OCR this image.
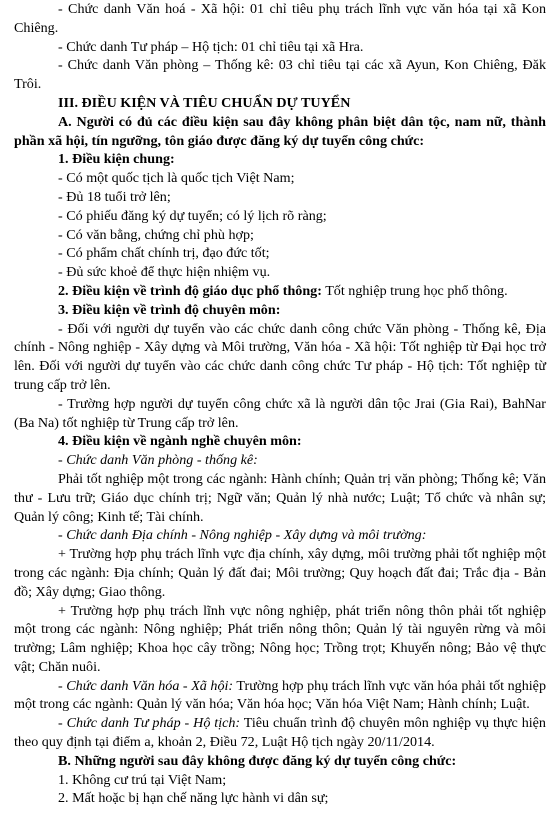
- Chức danh Văn hoá - Xã hội: 01 chỉ tiêu phụ trách lĩnh vực văn hóa tại xã Kon Chiêng.

- Chức danh Tư pháp – Hộ tịch: 01 chỉ tiêu tại xã Hra.

- Chức danh Văn phòng – Thống kê: 03 chỉ tiêu tại các xã Ayun, Kon Chiêng, Đăk Trôi.

III. ĐIỀU KIỆN VÀ TIÊU CHUẨN DỰ TUYỂN

A. Người có đủ các điều kiện sau đây không phân biệt dân tộc, nam nữ, thành phần xã hội, tín ngưỡng, tôn giáo được đăng ký dự tuyển công chức:

1. Điều kiện chung:

- Có một quốc tịch là quốc tịch Việt Nam;

- Đủ 18 tuổi trở lên;

- Có phiếu đăng ký dự tuyển; có lý lịch rõ ràng;

- Có văn bằng, chứng chỉ phù hợp;

- Có phẩm chất chính trị, đạo đức tốt;

- Đủ sức khoẻ để thực hiện nhiệm vụ.

2. Điều kiện về trình độ giáo dục phổ thông: Tốt nghiệp trung học phổ thông.

3. Điều kiện về trình độ chuyên môn:

- Đối với người dự tuyển vào các chức danh công chức Văn phòng - Thống kê, Địa chính - Nông nghiệp - Xây dựng và Môi trường, Văn hóa - Xã hội: Tốt nghiệp từ Đại học trở lên. Đối với người dự tuyển vào các chức danh công chức Tư pháp - Hộ tịch: Tốt nghiệp từ trung cấp trở lên.

- Trường hợp người dự tuyển công chức xã là người dân tộc Jrai (Gia Rai), BahNar (Ba Na) tốt nghiệp từ Trung cấp trở lên.

4. Điều kiện về ngành nghề chuyên môn:

- Chức danh Văn phòng - thống kê:

Phải tốt nghiệp một trong các ngành: Hành chính; Quản trị văn phòng; Thống kê; Văn thư - Lưu trữ; Giáo dục chính trị; Ngữ văn; Quản lý nhà nước; Luật; Tổ chức và nhân sự; Quản lý công; Kinh tế; Tài chính.

- Chức danh Địa chính - Nông nghiệp - Xây dựng và môi trường:

+ Trường hợp phụ trách lĩnh vực địa chính, xây dựng, môi trường phải tốt nghiệp một trong các ngành: Địa chính; Quản lý đất đai; Môi trường; Quy hoạch đất đai; Trắc địa - Bản đồ; Xây dựng; Giao thông.

+ Trường hợp phụ trách lĩnh vực nông nghiệp, phát triển nông thôn phải tốt nghiệp một trong các ngành: Nông nghiệp; Phát triển nông thôn; Quản lý tài nguyên rừng và môi trường; Lâm nghiệp; Khoa học cây trồng; Nông học; Trồng trọt; Khuyến nông; Bảo vệ thực vật; Chăn nuôi.

- Chức danh Văn hóa - Xã hội: Trường hợp phụ trách lĩnh vực văn hóa phải tốt nghiệp một trong các ngành: Quản lý văn hóa; Văn hóa học; Văn hóa Việt Nam; Hành chính; Luật.

- Chức danh Tư pháp - Hộ tịch: Tiêu chuẩn trình độ chuyên môn nghiệp vụ thực hiện theo quy định tại điểm a, khoản 2, Điều 72, Luật Hộ tịch ngày 20/11/2014.

B. Những người sau đây không được đăng ký dự tuyển công chức:

1. Không cư trú tại Việt Nam;

2. Mất hoặc bị hạn chế năng lực hành vi dân sự;
